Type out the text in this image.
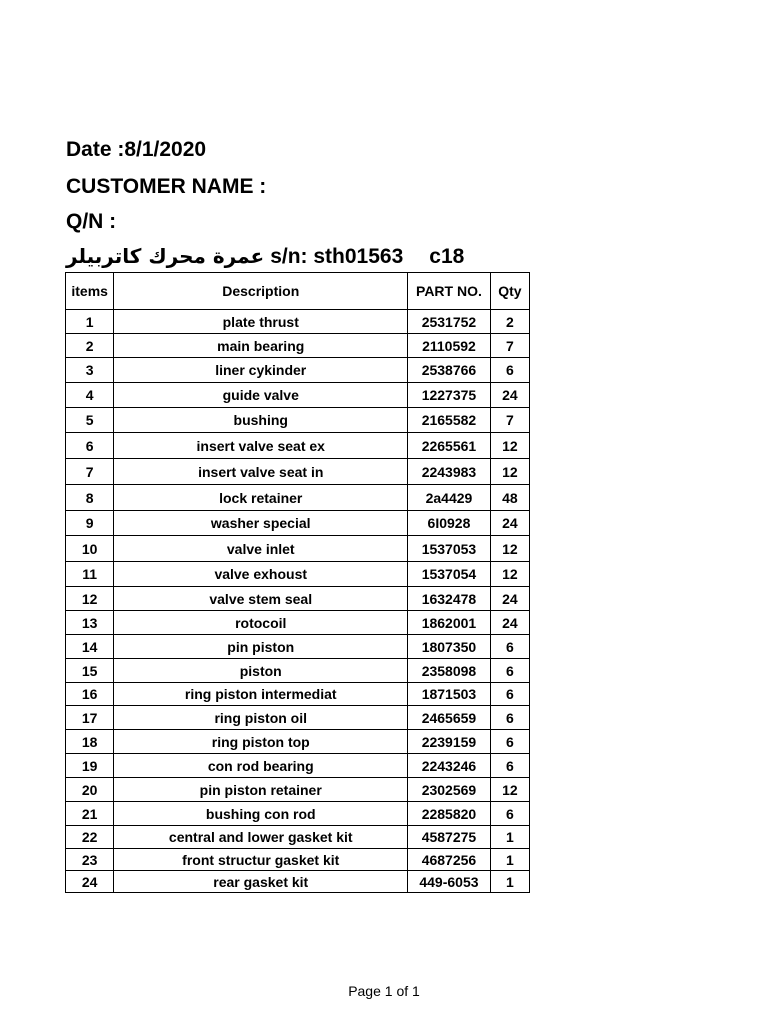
Date :8/1/2020
CUSTOMER NAME :
Q/N :
عمرة محرك كاتربيلر s/n: sth01563 c18
items	Description	PART NO.	Qty
1	plate thrust	2531752	2
2	main bearing	2110592	7
3	liner cykinder	2538766	6
4	guide valve	1227375	24
5	bushing	2165582	7
6	insert valve seat ex	2265561	12
7	insert valve seat in	2243983	12
8	lock retainer	2a4429	48
9	washer special	6I0928	24
10	valve inlet	1537053	12
11	valve exhoust	1537054	12
12	valve stem seal	1632478	24
13	rotocoil	1862001	24
14	pin piston	1807350	6
15	piston	2358098	6
16	ring piston intermediat	1871503	6
17	ring piston oil	2465659	6
18	ring piston top	2239159	6
19	con rod bearing	2243246	6
20	pin piston retainer	2302569	12
21	bushing con rod	2285820	6
22	central and lower gasket kit	4587275	1
23	front structur gasket kit	4687256	1
24	rear gasket kit	449-6053	1
Page 1 of 1
